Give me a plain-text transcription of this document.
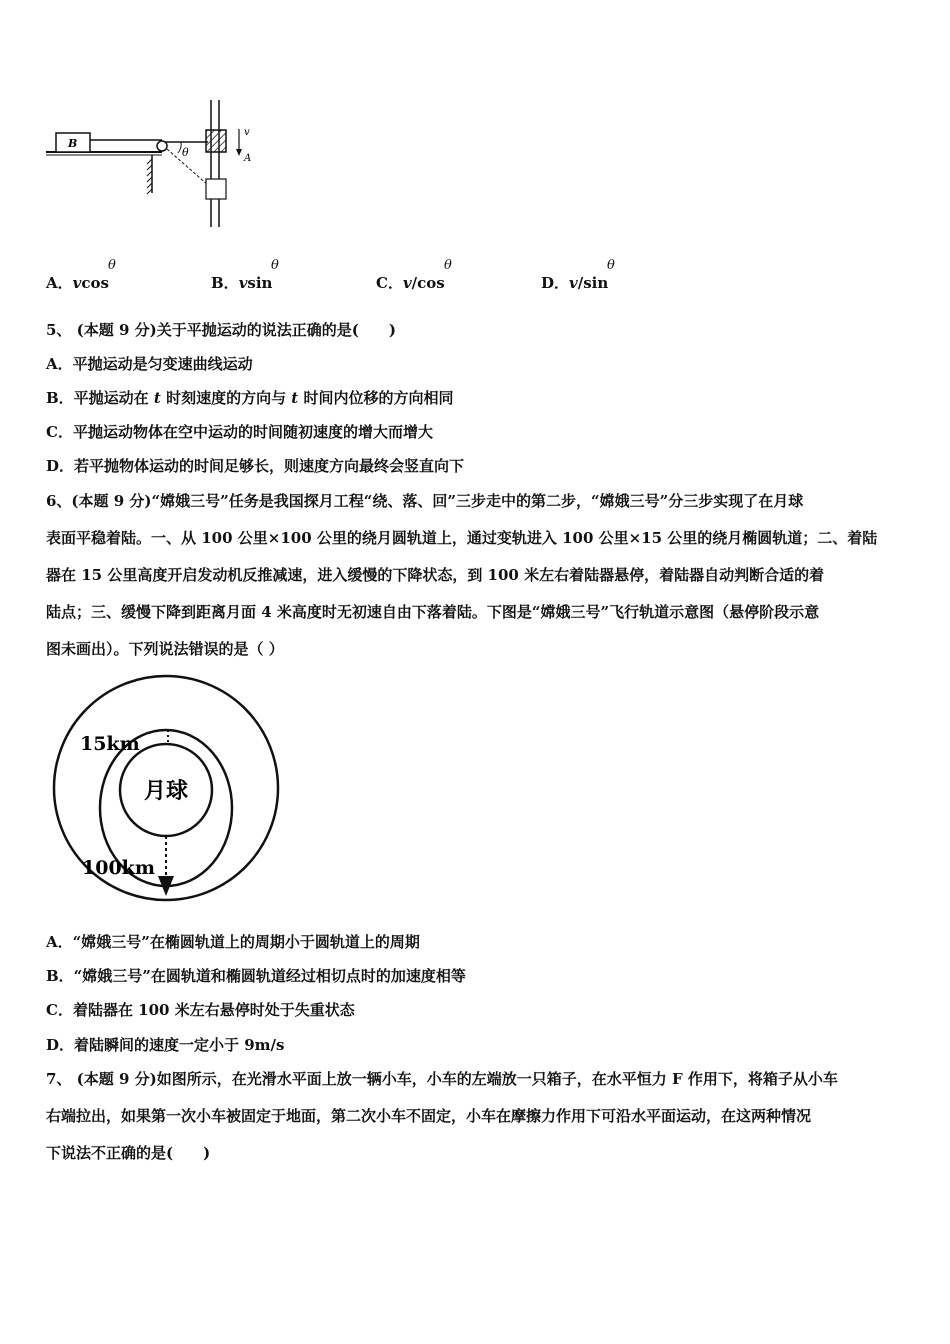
B
θ
v
A
A．vcos
θ
B．vsin
θ
C．v/cos
θ
D．v/sin
θ
5、 (本题 9 分)关于平抛运动的说法正确的是(　　)
A．平抛运动是匀变速曲线运动
B．平抛运动在 t 时刻速度的方向与 t 时间内位移的方向相同
C．平抛运动物体在空中运动的时间随初速度的增大而增大
D．若平抛物体运动的时间足够长，则速度方向最终会竖直向下
6、(本题 9 分)“嫦娥三号”任务是我国探月工程“绕、落、回”三步走中的第二步，“嫦娥三号”分三步实现了在月球
表面平稳着陆。一、从 100 公里×100 公里的绕月圆轨道上，通过变轨进入 100 公里×15 公里的绕月椭圆轨道；二、着陆
器在 15 公里高度开启发动机反推减速，进入缓慢的下降状态，到 100 米左右着陆器悬停，着陆器自动判断合适的着
陆点；三、缓慢下降到距离月面 4 米高度时无初速自由下落着陆。下图是“嫦娥三号”飞行轨道示意图（悬停阶段示意
图未画出）。下列说法错误的是（ ）
月球
15km
100km
A．“嫦娥三号”在椭圆轨道上的周期小于圆轨道上的周期
B．“嫦娥三号”在圆轨道和椭圆轨道经过相切点时的加速度相等
C．着陆器在 100 米左右悬停时处于失重状态
D．着陆瞬间的速度一定小于 9m/s
7、 (本题 9 分)如图所示，在光滑水平面上放一辆小车，小车的左端放一只箱子，在水平恒力 F 作用下，将箱子从小车
右端拉出，如果第一次小车被固定于地面，第二次小车不固定，小车在摩擦力作用下可沿水平面运动，在这两种情况
下说法不正确的是(　　)
